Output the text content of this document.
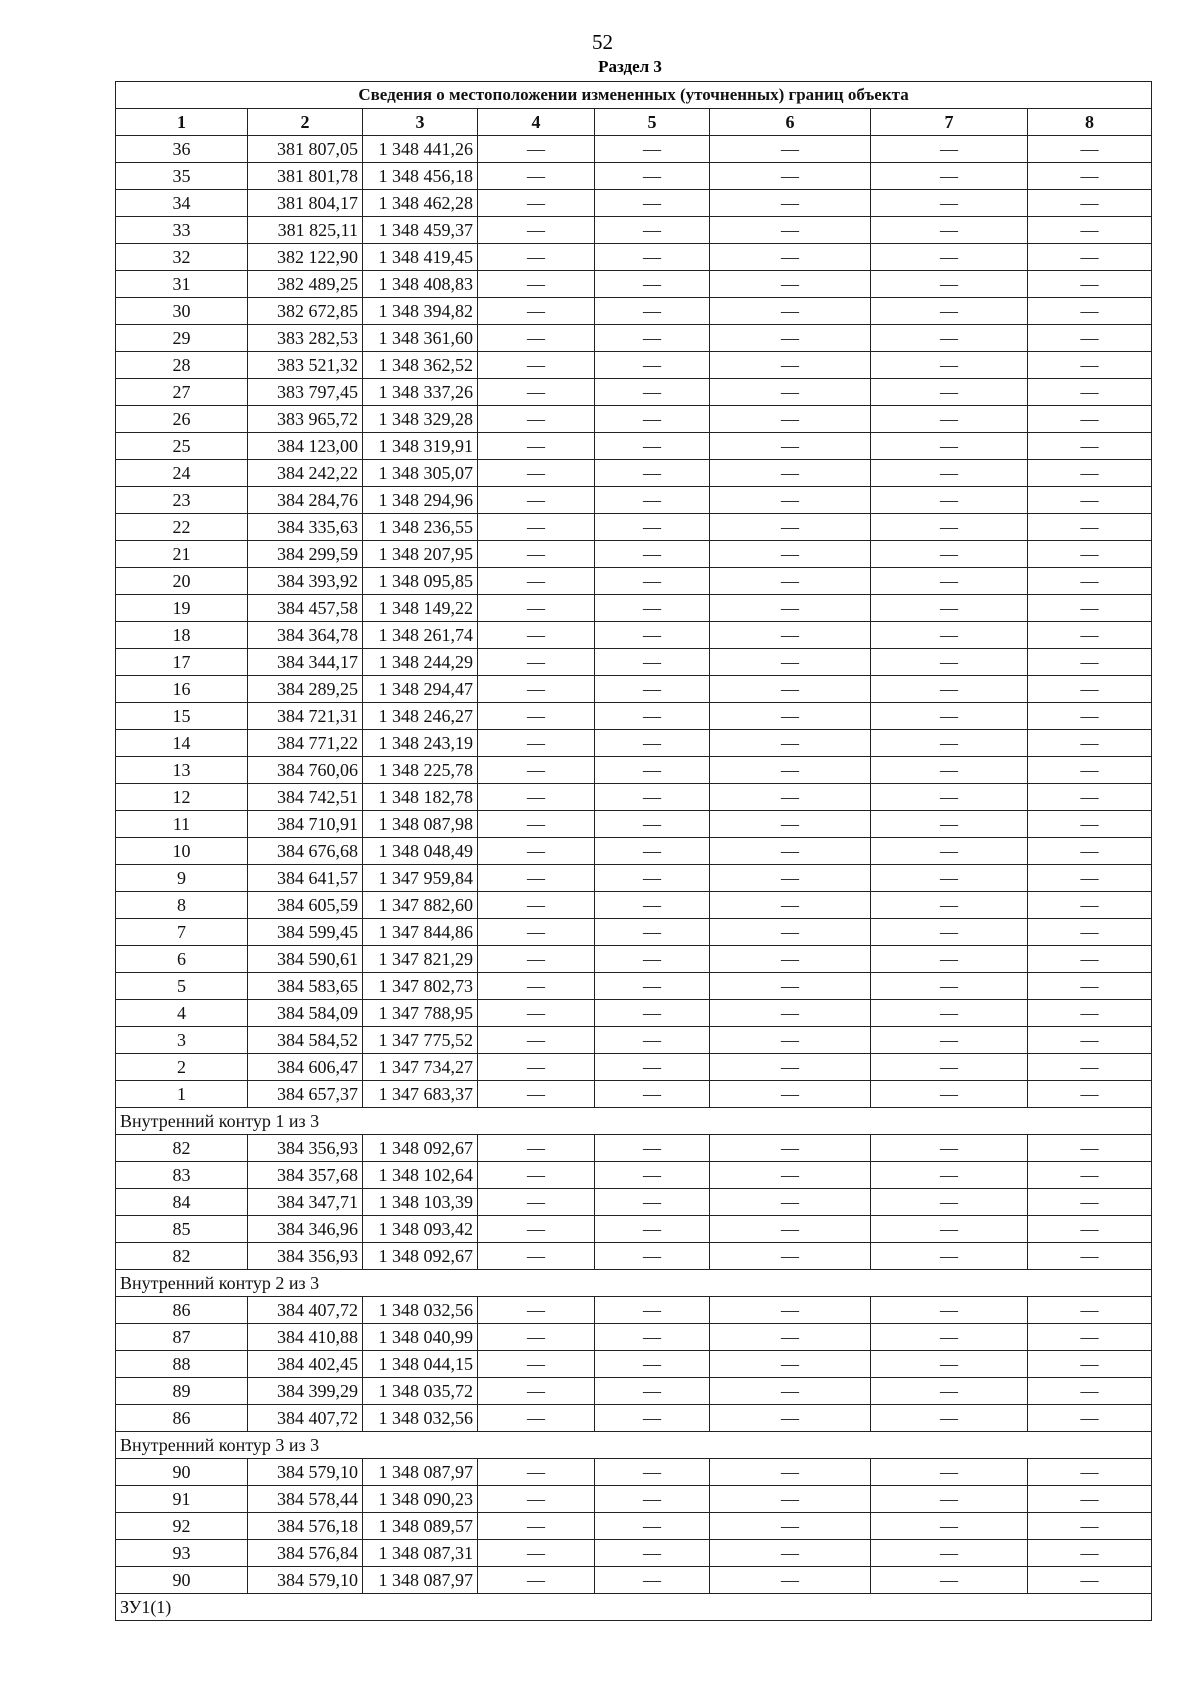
52
Раздел 3
Сведения о местоположении измененных (уточненных) границ объекта							
1	2	3	4	5	6	7	8
36	381 807,05	1 348 441,26	—	—	—	—	—
35	381 801,78	1 348 456,18	—	—	—	—	—
34	381 804,17	1 348 462,28	—	—	—	—	—
33	381 825,11	1 348 459,37	—	—	—	—	—
32	382 122,90	1 348 419,45	—	—	—	—	—
31	382 489,25	1 348 408,83	—	—	—	—	—
30	382 672,85	1 348 394,82	—	—	—	—	—
29	383 282,53	1 348 361,60	—	—	—	—	—
28	383 521,32	1 348 362,52	—	—	—	—	—
27	383 797,45	1 348 337,26	—	—	—	—	—
26	383 965,72	1 348 329,28	—	—	—	—	—
25	384 123,00	1 348 319,91	—	—	—	—	—
24	384 242,22	1 348 305,07	—	—	—	—	—
23	384 284,76	1 348 294,96	—	—	—	—	—
22	384 335,63	1 348 236,55	—	—	—	—	—
21	384 299,59	1 348 207,95	—	—	—	—	—
20	384 393,92	1 348 095,85	—	—	—	—	—
19	384 457,58	1 348 149,22	—	—	—	—	—
18	384 364,78	1 348 261,74	—	—	—	—	—
17	384 344,17	1 348 244,29	—	—	—	—	—
16	384 289,25	1 348 294,47	—	—	—	—	—
15	384 721,31	1 348 246,27	—	—	—	—	—
14	384 771,22	1 348 243,19	—	—	—	—	—
13	384 760,06	1 348 225,78	—	—	—	—	—
12	384 742,51	1 348 182,78	—	—	—	—	—
11	384 710,91	1 348 087,98	—	—	—	—	—
10	384 676,68	1 348 048,49	—	—	—	—	—
9	384 641,57	1 347 959,84	—	—	—	—	—
8	384 605,59	1 347 882,60	—	—	—	—	—
7	384 599,45	1 347 844,86	—	—	—	—	—
6	384 590,61	1 347 821,29	—	—	—	—	—
5	384 583,65	1 347 802,73	—	—	—	—	—
4	384 584,09	1 347 788,95	—	—	—	—	—
3	384 584,52	1 347 775,52	—	—	—	—	—
2	384 606,47	1 347 734,27	—	—	—	—	—
1	384 657,37	1 347 683,37	—	—	—	—	—
Внутренний контур 1 из 3							
82	384 356,93	1 348 092,67	—	—	—	—	—
83	384 357,68	1 348 102,64	—	—	—	—	—
84	384 347,71	1 348 103,39	—	—	—	—	—
85	384 346,96	1 348 093,42	—	—	—	—	—
82	384 356,93	1 348 092,67	—	—	—	—	—
Внутренний контур 2 из 3							
86	384 407,72	1 348 032,56	—	—	—	—	—
87	384 410,88	1 348 040,99	—	—	—	—	—
88	384 402,45	1 348 044,15	—	—	—	—	—
89	384 399,29	1 348 035,72	—	—	—	—	—
86	384 407,72	1 348 032,56	—	—	—	—	—
Внутренний контур 3 из 3							
90	384 579,10	1 348 087,97	—	—	—	—	—
91	384 578,44	1 348 090,23	—	—	—	—	—
92	384 576,18	1 348 089,57	—	—	—	—	—
93	384 576,84	1 348 087,31	—	—	—	—	—
90	384 579,10	1 348 087,97	—	—	—	—	—
ЗУ1(1)							
